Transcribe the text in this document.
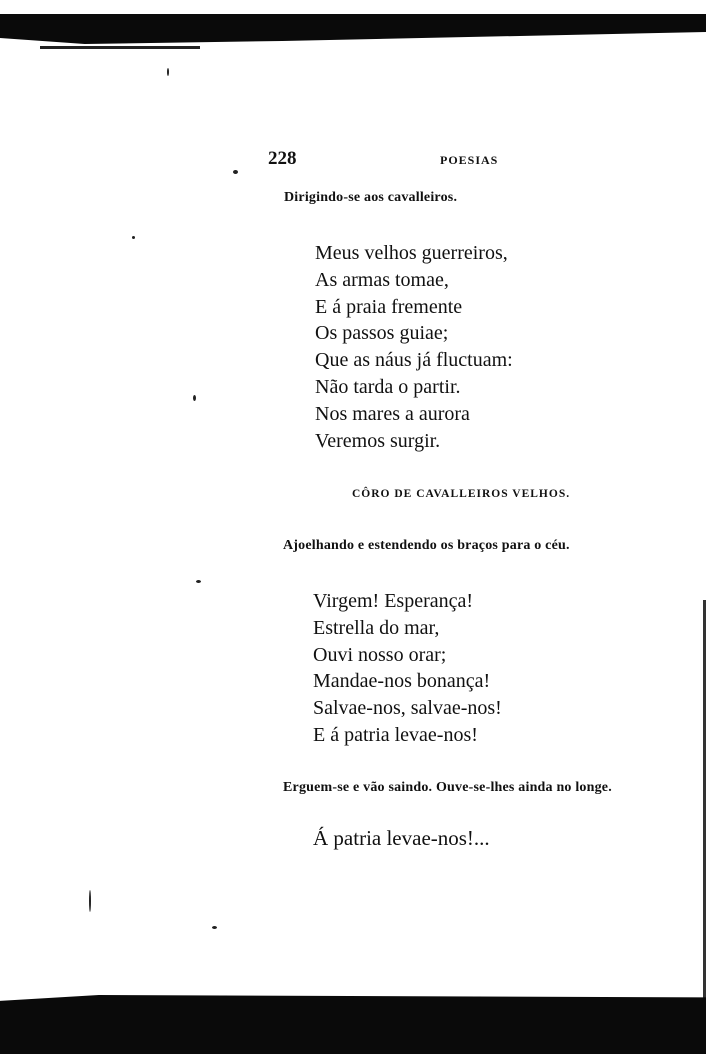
228	POESIAS
Dirigindo-se aos cavalleiros.
Meus velhos guerreiros,
As armas tomae,
E á praia fremente
Os passos guiae;
Que as náus já fluctuam:
Não tarda o partir.
Nos mares a aurora
Veremos surgir.
CÔRO DE CAVALLEIROS VELHOS.
Ajoelhando e estendendo os braços para o céu.
Virgem! Esperança!
Estrella do mar,
Ouvi nosso orar;
Mandae-nos bonança!
Salvae-nos, salvae-nos!
E á patria levae-nos!
Erguem-se e vão saindo. Ouve-se-lhes ainda no longe.
Á patria levae-nos!...
